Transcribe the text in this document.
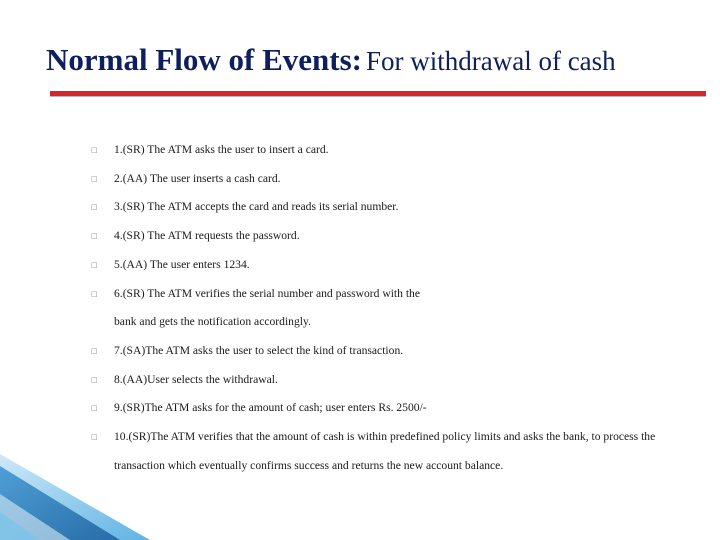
Normal Flow of Events: For withdrawal of cash
□ 1.(SR) The ATM asks the user to insert a card.
□ 2.(AA) The user inserts a cash card.
□ 3.(SR) The ATM accepts the card and reads its serial number.
□ 4.(SR) The ATM requests the password.
□ 5.(AA) The user enters 1234.
□ 6.(SR) The ATM verifies the serial number and password with the
bank and gets the notification accordingly.
□ 7.(SA)The ATM asks the user to select the kind of transaction.
□ 8.(AA)User selects the withdrawal.
□ 9.(SR)The ATM asks for the amount of cash; user enters Rs. 2500/-
□ 10.(SR)The ATM verifies that the amount of cash is within predefined policy limits and asks the bank, to process the
transaction which eventually confirms success and returns the new account balance.
